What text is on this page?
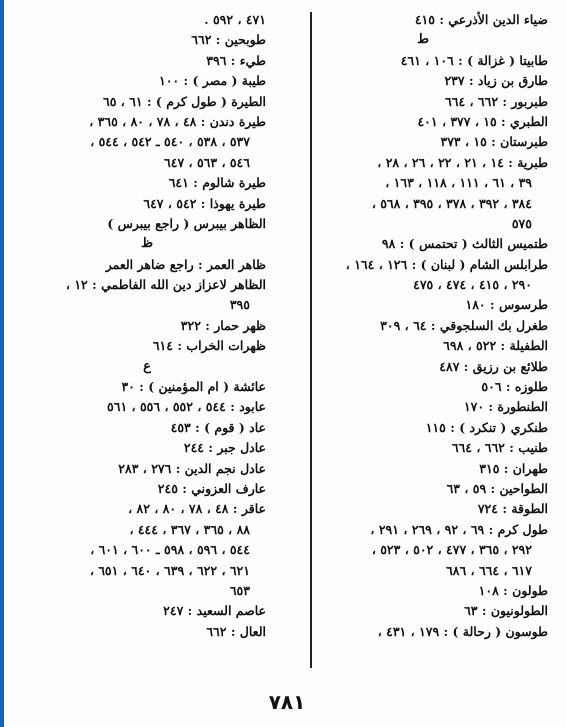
ضياء الدين الأذرعي : ٤١٥
ط
طابيتا ( غزالة ) : ١٠٦ ، ٤٦١
طارق بن زياد : ٢٣٧
طبربور : ٦٦٢ ، ٦٦٤
الطبري : ١٥ ، ٣٧٧ ، ٤٠١
طبرستان : ١٥ ، ٣٧٣
طبرية : ١٤ ، ٢١ ، ٢٢ ، ٢٦ ، ٢٨ ،
٣٩ ، ٦١ ، ١١١ ، ١١٨ ، ١٦٣ ،
٣٨٤ ، ٣٩٢ ، ٣٧٨ ، ٣٩٥ ، ٥٦٨ ،
٥٧٥
طتميس الثالث ( تحتمس ) : ٩٨
طرابلس الشام ( لبنان ) : ١٢٦ ، ١٦٤ ،
٢٩٠ ، ٤١٥ ، ٤٧٤ ، ٤٧٥
طرسوس : ١٨٠
طغرل بك السلجوقي : ٦٤ ، ٣٠٩
الطفيلة : ٥٢٢ ، ٦٩٨
طلائع بن رزيق : ٤٨٧
طلوزه : ٥٠٦
الطنطورة : ١٧٠
طنكري ( تنكرد ) : ١١٥
طنيب : ٦٦٢ ، ٦٦٤
طهران : ٣١٥
الطواحين : ٥٩ ، ٦٣
الطوقة : ٧٢٤
طول كرم : ٦٩ ، ٩٢ ، ٢٦٩ ، ٢٩١ ،
٢٩٢ ، ٣٦٥ ، ٤٧٧ ، ٥٠٢ ، ٥٢٣ ،
٦١٧ ، ٦٦٤ ، ٦٨٦
طولون : ١٠٨
الطولونيون : ٦٣
طوسون ( رحالة ) : ١٧٩ ، ٤٣١ ،
٤٧١ ، ٥٩٢ .
طوبحين : ٦٦٢
طيء : ٣٩٦
طيبة ( مصر ) : ١٠٠
الطيرة ( طول كرم ) : ٦١ ، ٦٥
طيرة دندن : ٤٨ ، ٧٨ ، ٨٠ ، ٣٦٥ ،
٥٣٧ ، ٥٣٨ ، ٥٤٠ ـ ٥٤٢ ، ٥٤٤ ،
٥٤٦ ، ٥٦٣ ، ٦٤٧
طيرة شالوم : ٦٤١
طيرة يهوذا : ٥٤٢ ، ٦٤٧
الظاهر بيبرس ( راجع بيبرس )
ظ
ظاهر العمر : راجع ضاهر العمر
الظاهر لاعزاز دين الله الفاطمي : ١٢ ،
٣٩٥
ظهر حمار : ٣٢٢
ظهرات الخراب : ٦١٤
ع
عائشة ( ام المؤمنين ) : ٣٠
عابود : ٥٤٤ ، ٥٥٢ ، ٥٥٦ ، ٥٦١
عاد ( قوم ) : ٤٥٣
عادل جبر : ٢٤٤
عادل نجم الدين : ٢٧٦ ، ٢٨٣
عارف العزوني : ٢٤٥
عاقر : ٤٨ ، ٧٨ ، ٨٠ ، ٨٢ ،
٨٨ ، ٣٦٥ ، ٣٦٧ ، ٤٤٤ ،
٥٤٤ ، ٥٩٦ ، ٥٩٨ ـ ٦٠٠ ، ٦٠١ ،
٦٢١ ، ٦٢٢ ، ٦٣٩ ، ٦٤٠ ، ٦٥١ ،
٦٥٣
عاصم السعيد : ٢٤٧
العال : ٦٦٢
٧٨١
